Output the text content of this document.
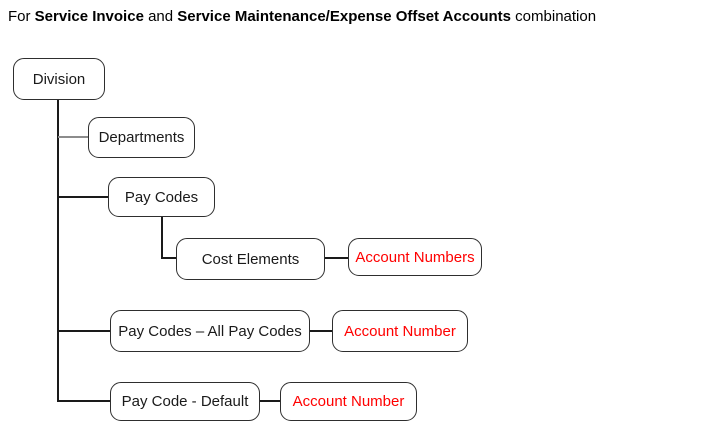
For Service Invoice and Service Maintenance/Expense Offset Accounts combination
Division
Departments
Pay Codes
Cost Elements	Account Numbers
Pay Codes – All Pay Codes	Account Number
Pay Code - Default	Account Number
